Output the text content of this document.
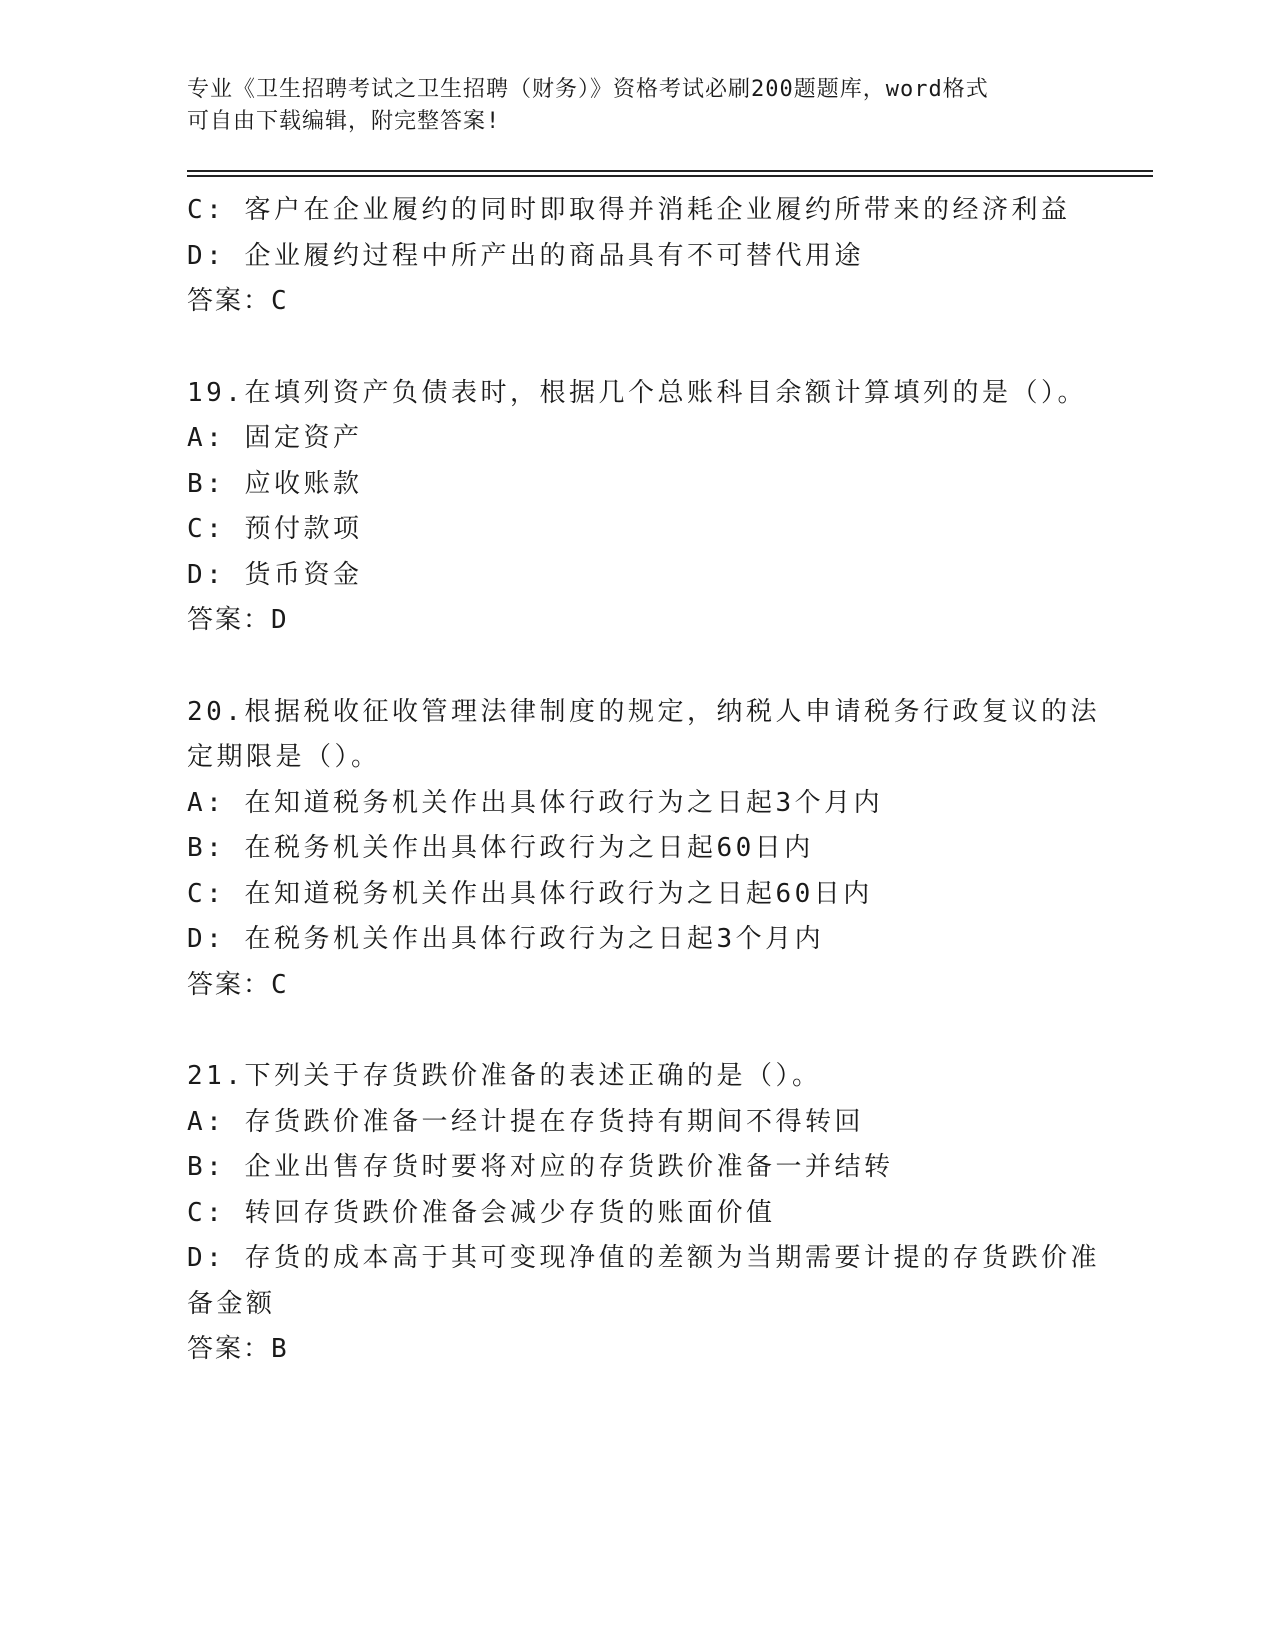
专业《卫生招聘考试之卫生招聘（财务）》资格考试必刷200题题库，word格式
可自由下载编辑，附完整答案!
C: 客户在企业履约的同时即取得并消耗企业履约所带来的经济利益
D: 企业履约过程中所产出的商品具有不可替代用途
答案：C
19.在填列资产负债表时，根据几个总账科目余额计算填列的是（）。
A: 固定资产
B: 应收账款
C: 预付款项
D: 货币资金
答案：D
20.根据税收征收管理法律制度的规定，纳税人申请税务行政复议的法
定期限是（）。
A: 在知道税务机关作出具体行政行为之日起3个月内
B: 在税务机关作出具体行政行为之日起60日内
C: 在知道税务机关作出具体行政行为之日起60日内
D: 在税务机关作出具体行政行为之日起3个月内
答案：C
21.下列关于存货跌价准备的表述正确的是（）。
A: 存货跌价准备一经计提在存货持有期间不得转回
B: 企业出售存货时要将对应的存货跌价准备一并结转
C: 转回存货跌价准备会减少存货的账面价值
D: 存货的成本高于其可变现净值的差额为当期需要计提的存货跌价准
备金额
答案：B
